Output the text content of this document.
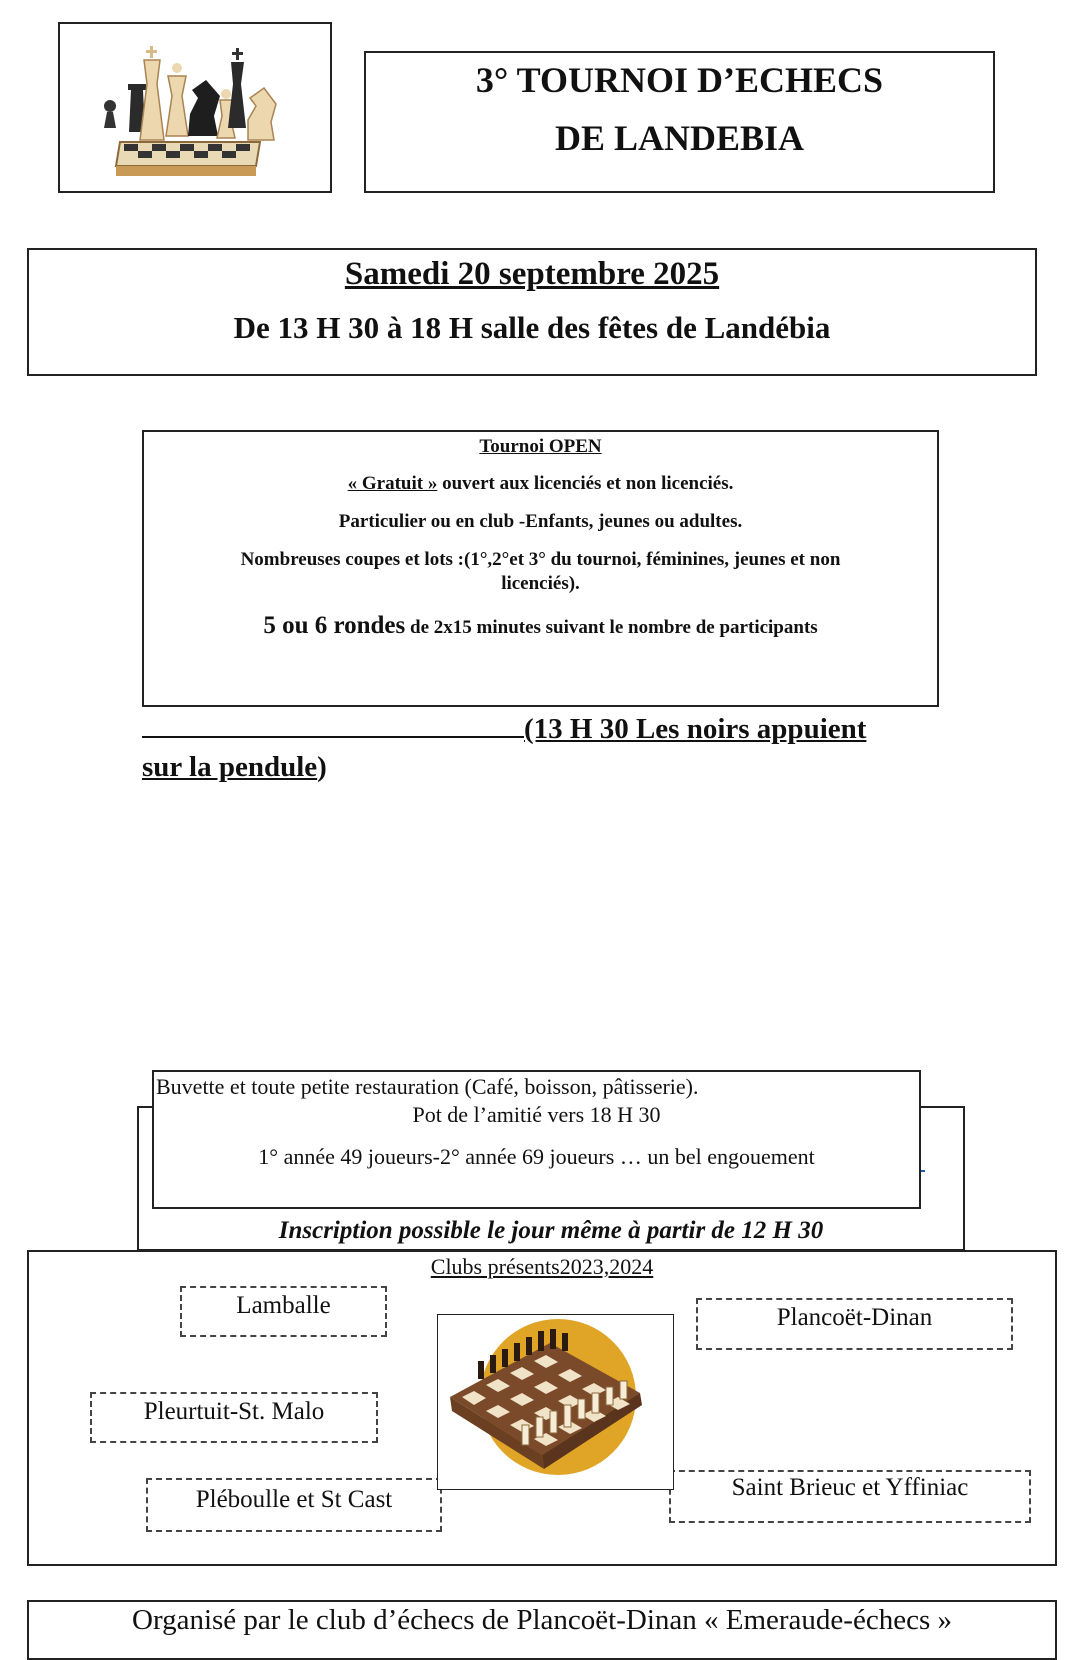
3° TOURNOI D’ECHECS
DE LANDEBIA
Samedi 20 septembre 2025
De 13 H 30 à 18 H salle des fêtes de Landébia
Tournoi OPEN
« Gratuit » ouvert aux licenciés et non licenciés.
Particulier ou en club -Enfants, jeunes ou adultes.
Nombreuses coupes et lots :(1°,2°et 3° du tournoi, féminines, jeunes et non licenciés).
5 ou 6 rondes de 2x15 minutes suivant le nombre de participants
(13 H 30 Les noirs appuient
sur la pendule)
Inscription possible le jour même à partir de 12 H 30
Buvette et toute petite restauration (Café, boisson, pâtisserie).
Pot de l’amitié vers 18 H 30
1° année 49 joueurs-2° année 69 joueurs … un bel engouement
Clubs présents2023,2024
Lamballe	Plancoët-Dinan
Pleurtuit-St. Malo
Pléboulle et St Cast	Saint Brieuc et Yffiniac
Organisé par le club d’échecs de Plancoët-Dinan « Emeraude-échecs »
